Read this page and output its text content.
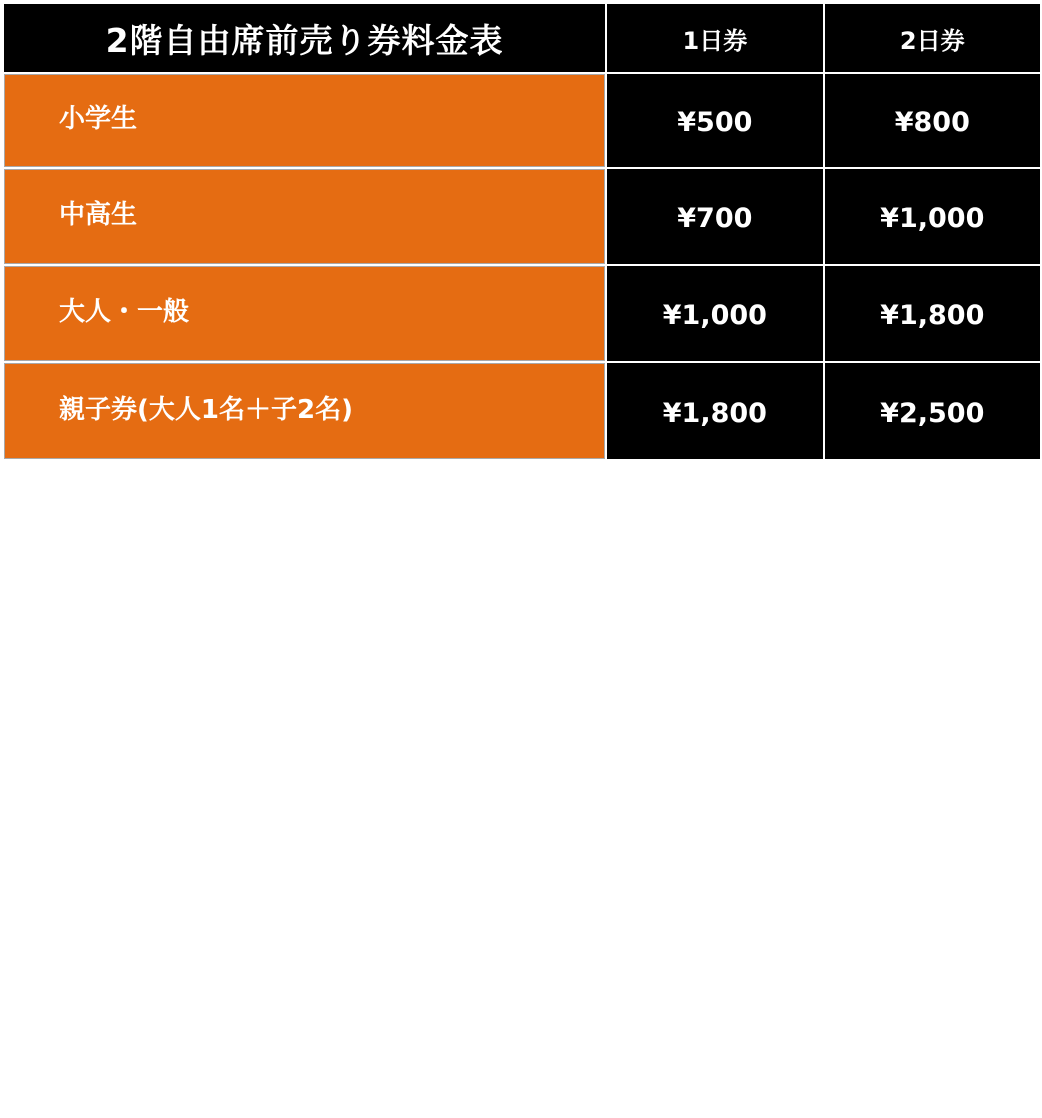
2階自由席前売り券料金表	1日券	2日券
小学生	¥500	¥800
中高生	¥700	¥1,000
大人・一般	¥1,000	¥1,800
親子券(大人1名＋子2名)	¥1,800	¥2,500
